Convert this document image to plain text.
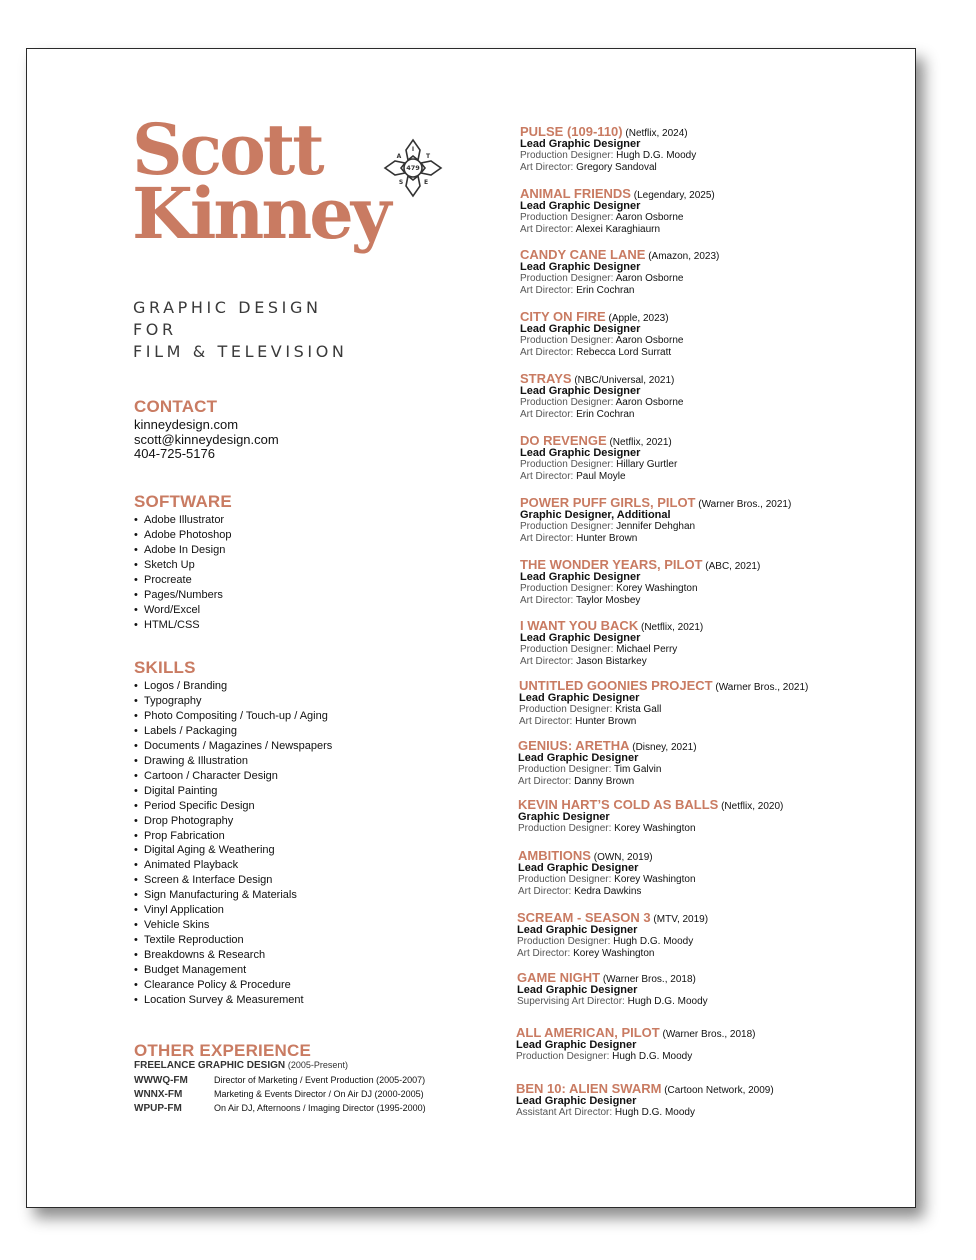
Scott
Kinney
I
A	T
S	E
479
GRAPHIC DESIGN
FOR
FILM & TELEVISION
CONTACT
kinneydesign.com
scott@kinneydesign.com
404-725-5176
SOFTWARE
• Adobe Illustrator
• Adobe Photoshop
• Adobe In Design
• Sketch Up
• Procreate
• Pages/Numbers
• Word/Excel
• HTML/CSS
SKILLS
• Logos / Branding
• Typography
• Photo Compositing / Touch-up / Aging
• Labels / Packaging
• Documents / Magazines / Newspapers
• Drawing & Illustration
• Cartoon / Character Design
• Digital Painting
• Period Specific Design
• Drop Photography
• Prop Fabrication
• Digital Aging & Weathering
• Animated Playback
• Screen & Interface Design
• Sign Manufacturing & Materials
• Vinyl Application
• Vehicle Skins
• Textile Reproduction
• Breakdowns & Research
• Budget Management
• Clearance Policy & Procedure
• Location Survey & Measurement
OTHER EXPERIENCE
FREELANCE GRAPHIC DESIGN (2005-Present)
WWWQ-FM	Director of Marketing / Event Production (2005-2007)
WNNX-FM	Marketing & Events Director / On Air DJ (2000-2005)
WPUP-FM	On Air DJ, Afternoons / Imaging Director (1995-2000)
PULSE (109-110) (Netflix, 2024)
Lead Graphic Designer
Production Designer: Hugh D.G. Moody
Art Director: Gregory Sandoval
ANIMAL FRIENDS (Legendary, 2025)
Lead Graphic Designer
Production Designer: Aaron Osborne
Art Director: Alexei Karaghiaurn
CANDY CANE LANE (Amazon, 2023)
Lead Graphic Designer
Production Designer: Aaron Osborne
Art Director: Erin Cochran
CITY ON FIRE (Apple, 2023)
Lead Graphic Designer
Production Designer: Aaron Osborne
Art Director: Rebecca Lord Surratt
STRAYS (NBC/Universal, 2021)
Lead Graphic Designer
Production Designer: Aaron Osborne
Art Director: Erin Cochran
DO REVENGE (Netflix, 2021)
Lead Graphic Designer
Production Designer: Hillary Gurtler
Art Director: Paul Moyle
POWER PUFF GIRLS, PILOT (Warner Bros., 2021)
Graphic Designer, Additional
Production Designer: Jennifer Dehghan
Art Director: Hunter Brown
THE WONDER YEARS, PILOT (ABC, 2021)
Lead Graphic Designer
Production Designer: Korey Washington
Art Director: Taylor Mosbey
I WANT YOU BACK (Netflix, 2021)
Lead Graphic Designer
Production Designer: Michael Perry
Art Director: Jason Bistarkey
UNTITLED GOONIES PROJECT (Warner Bros., 2021)
Lead Graphic Designer
Production Designer: Krista Gall
Art Director: Hunter Brown
GENIUS: ARETHA (Disney, 2021)
Lead Graphic Designer
Production Designer: Tim Galvin
Art Director: Danny Brown
KEVIN HART’S COLD AS BALLS (Netflix, 2020)
Graphic Designer
Production Designer: Korey Washington
AMBITIONS (OWN, 2019)
Lead Graphic Designer
Production Designer: Korey Washington
Art Director: Kedra Dawkins
SCREAM - SEASON 3 (MTV, 2019)
Lead Graphic Designer
Production Designer: Hugh D.G. Moody
Art Director: Korey Washington
GAME NIGHT (Warner Bros., 2018)
Lead Graphic Designer
Supervising Art Director: Hugh D.G. Moody
ALL AMERICAN, PILOT (Warner Bros., 2018)
Lead Graphic Designer
Production Designer: Hugh D.G. Moody
BEN 10: ALIEN SWARM (Cartoon Network, 2009)
Lead Graphic Designer
Assistant Art Director: Hugh D.G. Moody
